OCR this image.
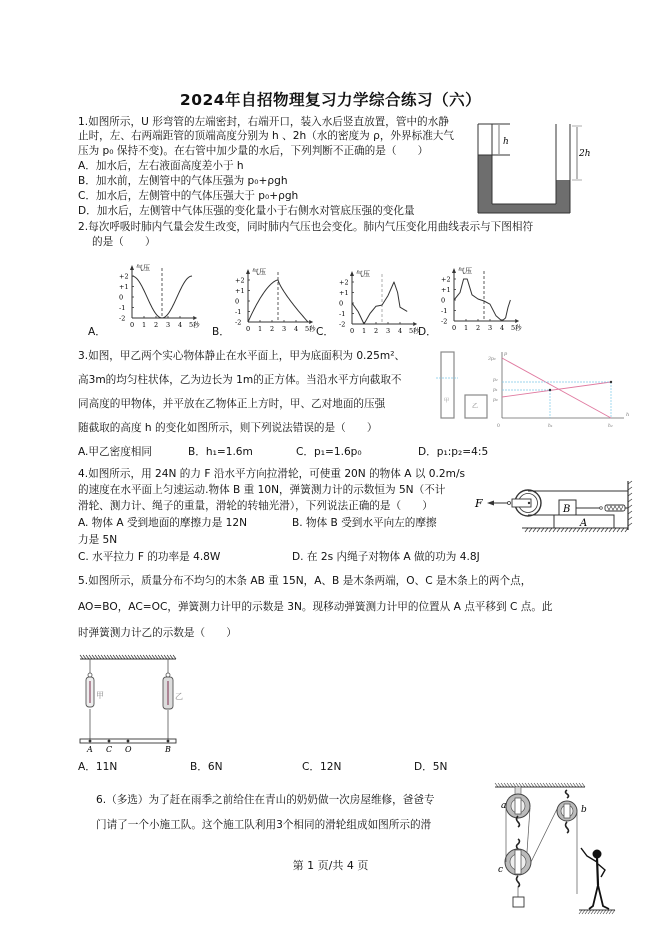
2024年自招物理复习力学综合练习（六）
1.如图所示，U 形弯管的左端密封，右端开口，装入水后竖直放置，管中的水静
止时，左、右两端距管的顶端高度分别为 h 、2h（水的密度为 ρ，外界标准大气
压为 p₀ 保持不变)。在右管中加少量的水后，下列判断不正确的是（　　）
A．加水后，左右液面高度差小于 h
B．加水前，左侧管中的气体压强为 p₀+ρgh
C．加水后，左侧管中的气体压强大于 p₀+ρgh
D．加水后，左侧管中气体压强的变化量小于右侧水对管底压强的变化量
h
2h
2.每次呼吸时肺内气量会发生改变，同时肺内气压也会变化。肺内气压变化用曲线表示与下图相符
的是（　　）
气压
+2
+1
0
-1
-2
0 1 2 3 4 5秒
A．
气压
+2
+1
0
-1
-2
0 1 2 3 4 5秒
B．
气压
+2
+1
0
-1
-2
0 1 2 3 4 5秒
C．
气压
+2
+1
0
-1
-2
0 1 2 3 4 5秒
D．
3.如图，甲乙两个实心物体静止在水平面上，甲为底面积为 0.25m²、
高3m的均匀柱状体，乙为边长为 1m的正方体。当沿水平方向截取不
同高度的甲物体，并平放在乙物体正上方时，甲、乙对地面的压强
随截取的高度 h 的变化如图所示，则下列说法错误的是（　　）
A.甲乙密度相同	B．h₁=1.6m	C．p₁=1.6p₀	D．p₁:p₂=4:5
甲
乙
p
h
3p₀
p₂
p₁
p₀
0	h₁	h₂
4.如图所示，用 24N 的力 F 沿水平方向拉滑轮，可使重 20N 的物体 A 以 0.2m/s
的速度在水平面上匀速运动.物体 B 重 10N，弹簧测力计的示数恒为 5N（不计
滑轮、测力计、绳子的重量，滑轮的转轴光滑），下列说法正确的是（　　）
A. 物体 A 受到地面的摩擦力是 12N	B. 物体 B 受到水平向左的摩擦
力是 5N
C. 水平拉力 F 的功率是 4.8W	D. 在 2s 内绳子对物体 A 做的功为 4.8J
F
A
B
5.如图所示，质量分布不均匀的木条 AB 重 15N，A、B 是木条两端，O、C 是木条上的两个点，
AO=BO，AC=OC，弹簧测力计甲的示数是 3N。现移动弹簧测力计甲的位置从 A 点平移到 C 点。此
时弹簧测力计乙的示数是（　　）
甲	乙
A C O	B
A．11N	B．6N	C．12N	D．5N
6.（多选）为了赶在雨季之前给住在青山的奶奶做一次房屋维修，爸爸专
门请了一个小施工队。这个施工队利用3个相同的滑轮组成如图所示的滑
a	b
c
第 1 页/共 4 页
